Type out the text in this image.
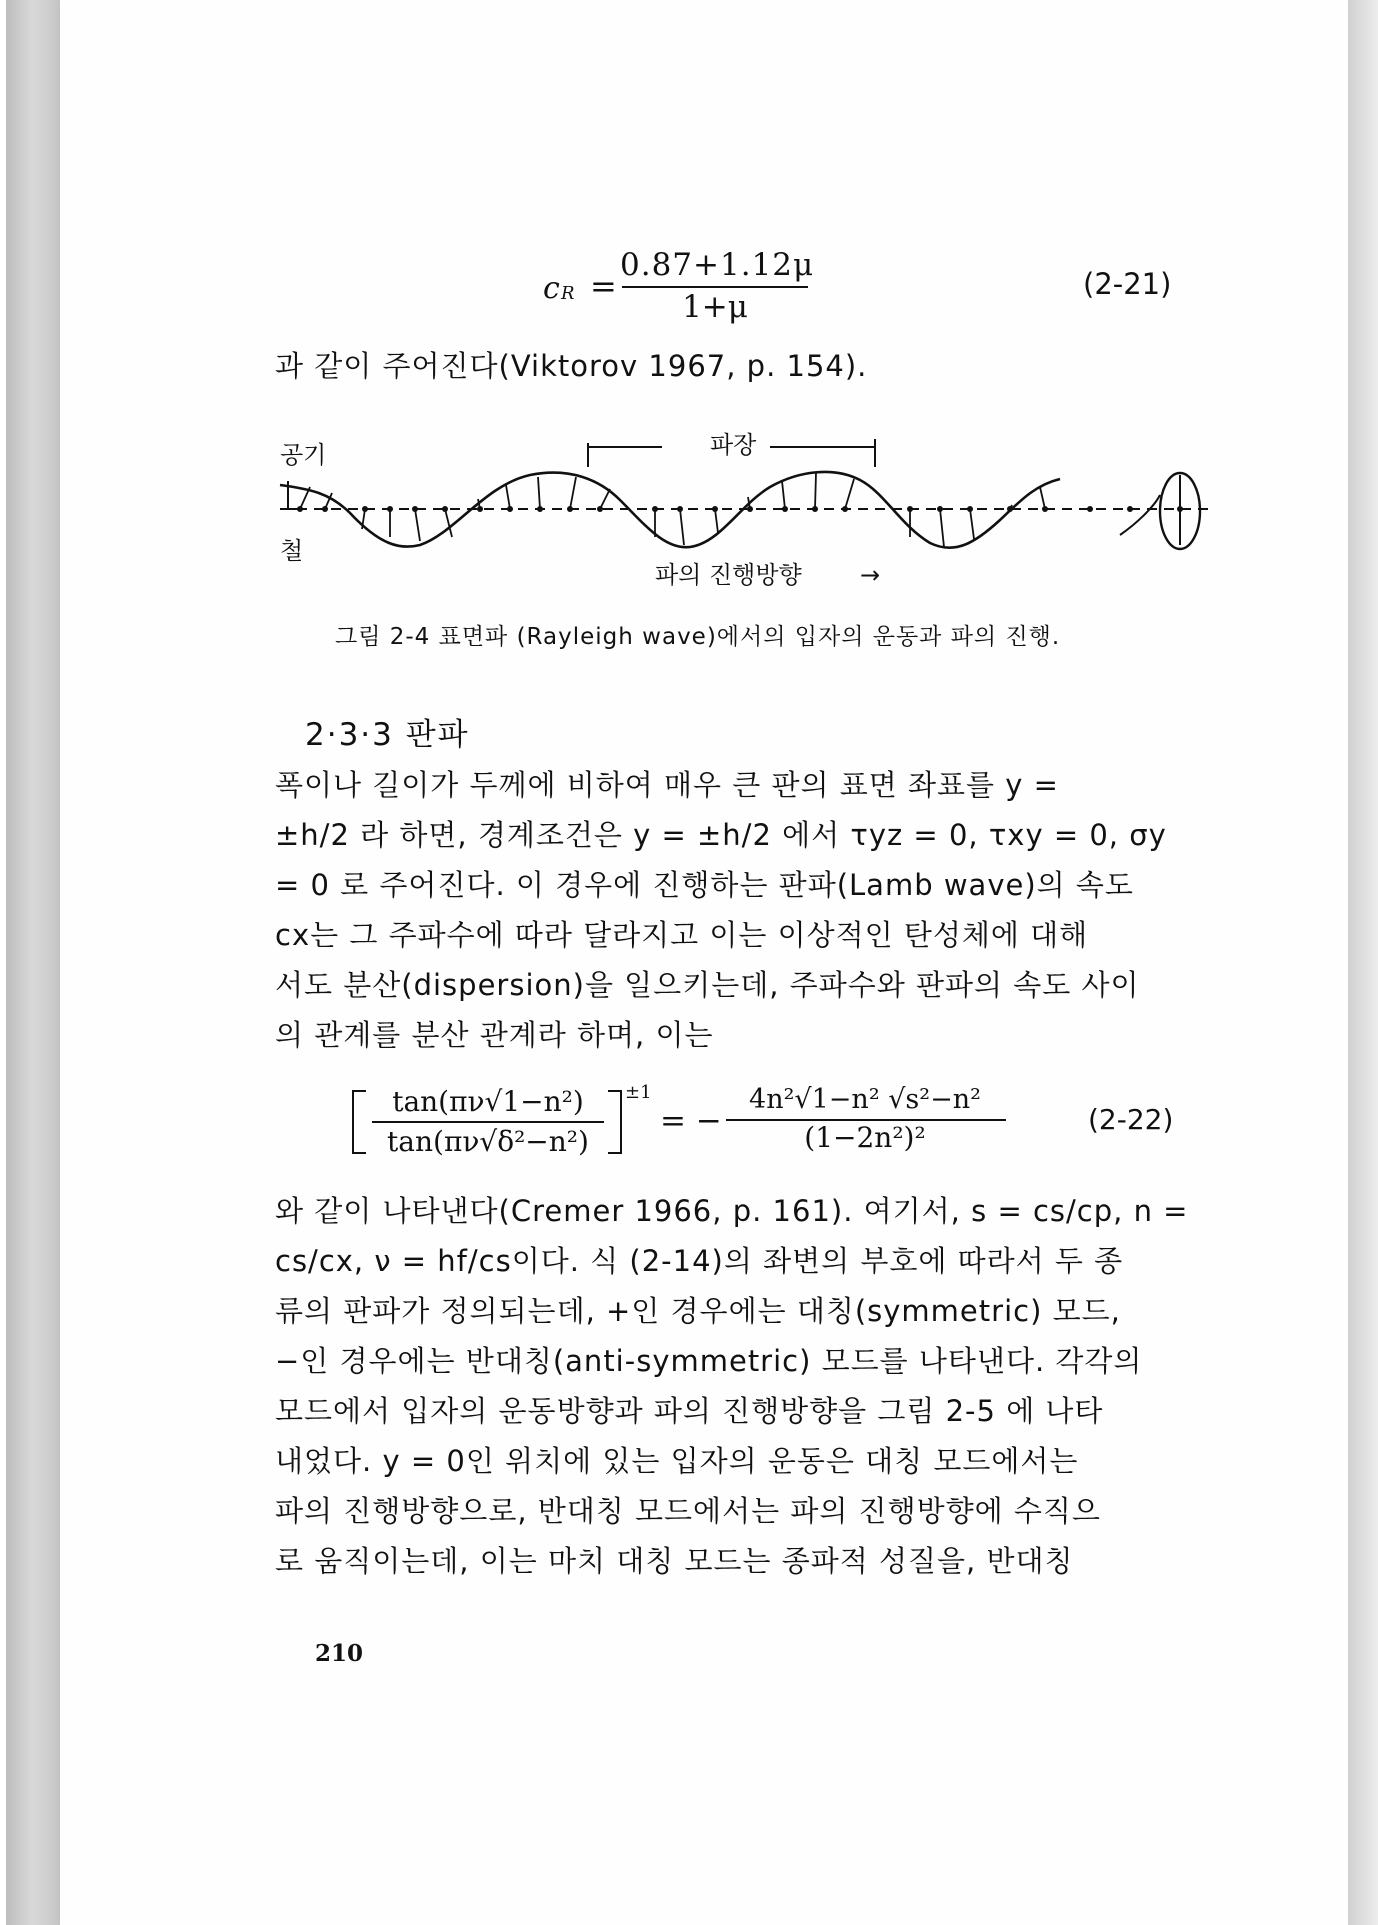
c R =
0.87+1.12μ
1+μ
(2-21)
과 같이 주어진다(Viktorov 1967, p. 154).
공기
철
파장
파의 진행방향 →
그림 2-4 표면파 (Rayleigh wave)에서의 입자의 운동과 파의 진행.
2·3·3 판파
폭이나 길이가 두께에 비하여 매우 큰 판의 표면 좌표를 y =
±h/2 라 하면, 경계조건은 y = ±h/2 에서 τyz = 0, τxy = 0, σy
= 0 로 주어진다. 이 경우에 진행하는 판파(Lamb wave)의 속도
cx는 그 주파수에 따라 달라지고 이는 이상적인 탄성체에 대해
서도 분산(dispersion)을 일으키는데, 주파수와 판파의 속도 사이
의 관계를 분산 관계라 하며, 이는
tan(πν√1−n²)
tan(πν√δ²−n²)
±1
= −
4n²√1−n² √s²−n²
(1−2n²)²
(2-22)
와 같이 나타낸다(Cremer 1966, p. 161). 여기서, s = cs/cp, n =
cs/cx, ν = hf/cs이다. 식 (2-14)의 좌변의 부호에 따라서 두 종
류의 판파가 정의되는데, +인 경우에는 대칭(symmetric) 모드,
−인 경우에는 반대칭(anti-symmetric) 모드를 나타낸다. 각각의
모드에서 입자의 운동방향과 파의 진행방향을 그림 2-5 에 나타
내었다. y = 0인 위치에 있는 입자의 운동은 대칭 모드에서는
파의 진행방향으로, 반대칭 모드에서는 파의 진행방향에 수직으
로 움직이는데, 이는 마치 대칭 모드는 종파적 성질을, 반대칭
210
